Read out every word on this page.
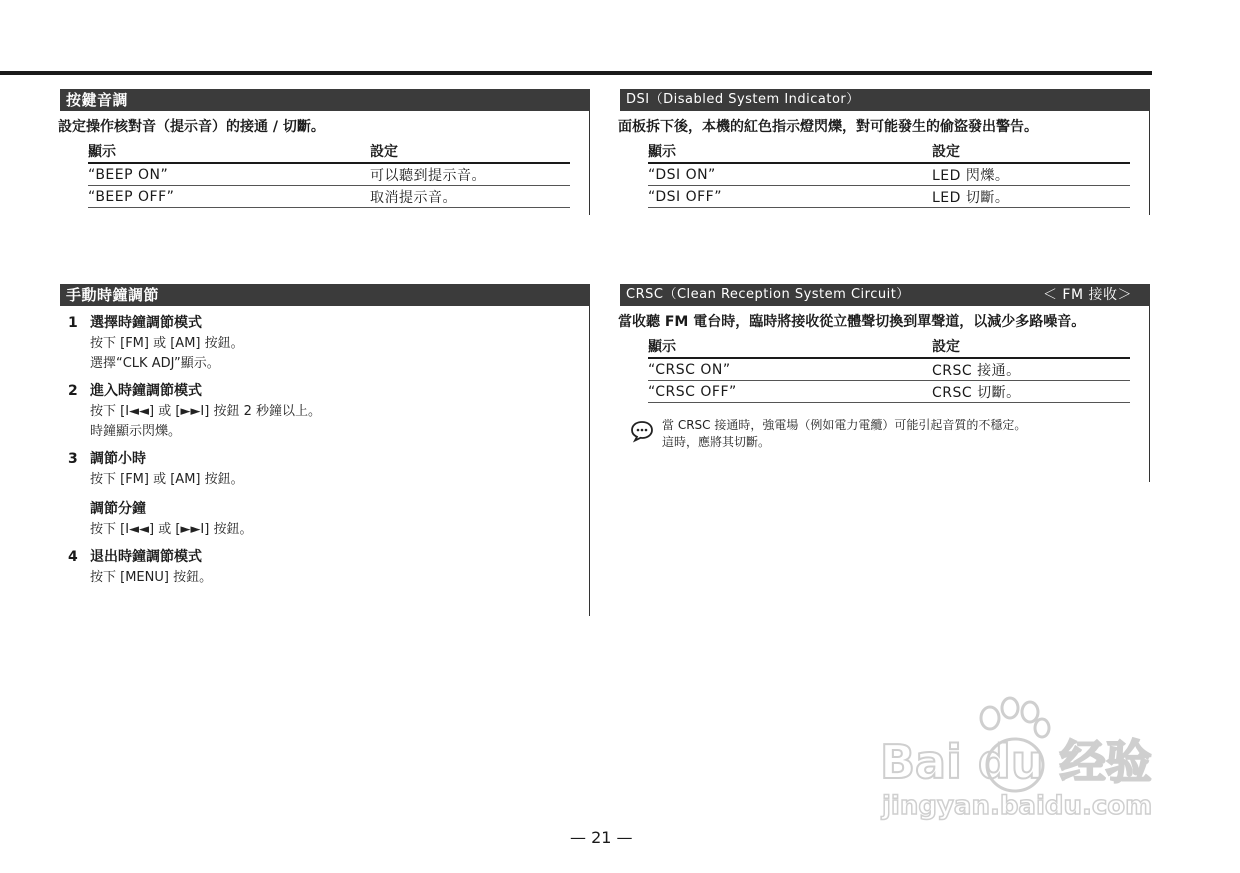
按鍵音調
設定操作核對音（提示音）的接通 / 切斷。
顯示	設定
“BEEP ON”	可以聽到提示音。
“BEEP OFF”	取消提示音。
DSI（Disabled System Indicator）
面板拆下後，本機的紅色指示燈閃爍，對可能發生的偷盜發出警告。
顯示	設定
“DSI ON”	LED 閃爍。
“DSI OFF”	LED 切斷。
手動時鐘調節
1 選擇時鐘調節模式
按下 [FM] 或 [AM] 按鈕。
選擇“CLK ADJ”顯示。
2 進入時鐘調節模式
按下 [I◄◄] 或 [►►I] 按鈕 2 秒鐘以上。
時鐘顯示閃爍。
3 調節小時
按下 [FM] 或 [AM] 按鈕。
調節分鐘
按下 [I◄◄] 或 [►►I] 按鈕。
4 退出時鐘調節模式
按下 [MENU] 按鈕。
CRSC（Clean Reception System Circuit）	＜ FM 接收＞
當收聽 FM 電台時，臨時將接收從立體聲切換到單聲道，以減少多路噪音。
顯示	設定
“CRSC ON”	CRSC 接通。
“CRSC OFF”	CRSC 切斷。
當 CRSC 接通時，強電場（例如電力電纜）可能引起音質的不穩定。
這時，應將其切斷。
— 21 —
Bai du 经验
jingyan.baidu.com
